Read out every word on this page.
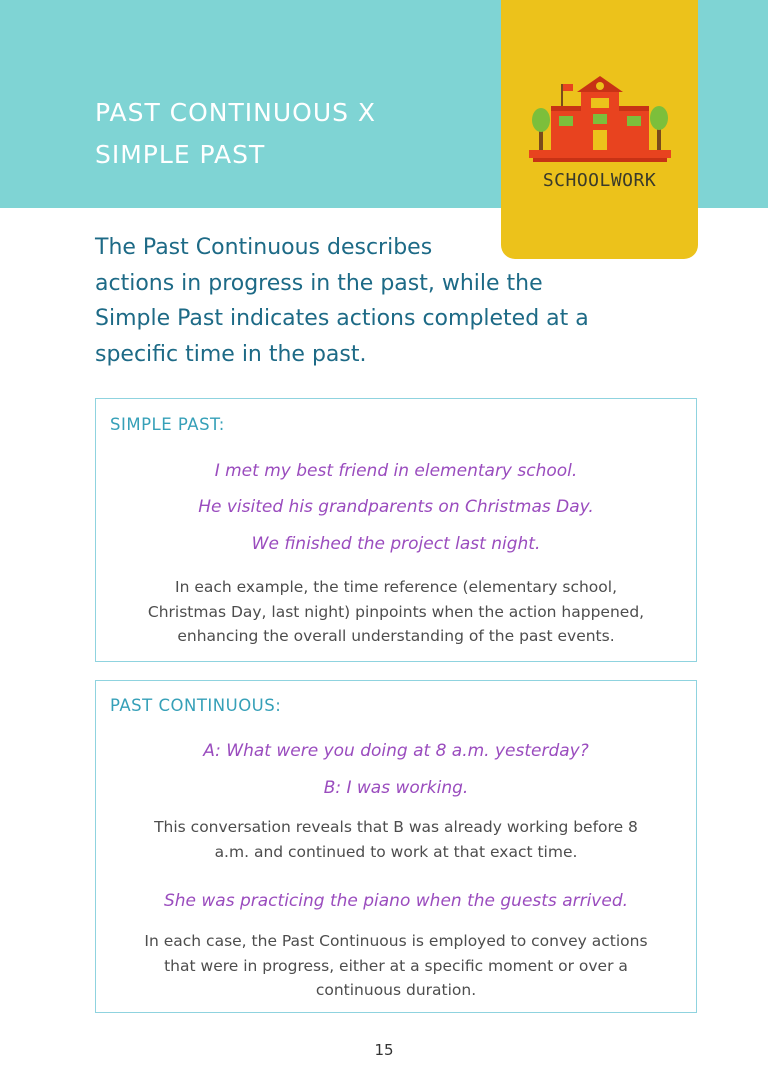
PAST CONTINUOUS X
SIMPLE PAST
SCHOOLWORK

The Past Continuous describes
actions in progress in the past, while the
Simple Past indicates actions completed at a
specific time in the past.

SIMPLE PAST:

I met my best friend in elementary school.

He visited his grandparents on Christmas Day.

We finished the project last night.

In each example, the time reference (elementary school,
Christmas Day, last night) pinpoints when the action happened,
enhancing the overall understanding of the past events.

PAST CONTINUOUS:

A: What were you doing at 8 a.m. yesterday?

B: I was working.

This conversation reveals that B was already working before 8
a.m. and continued to work at that exact time.

She was practicing the piano when the guests arrived.

In each case, the Past Continuous is employed to convey actions
that were in progress, either at a specific moment or over a
continuous duration.

15
